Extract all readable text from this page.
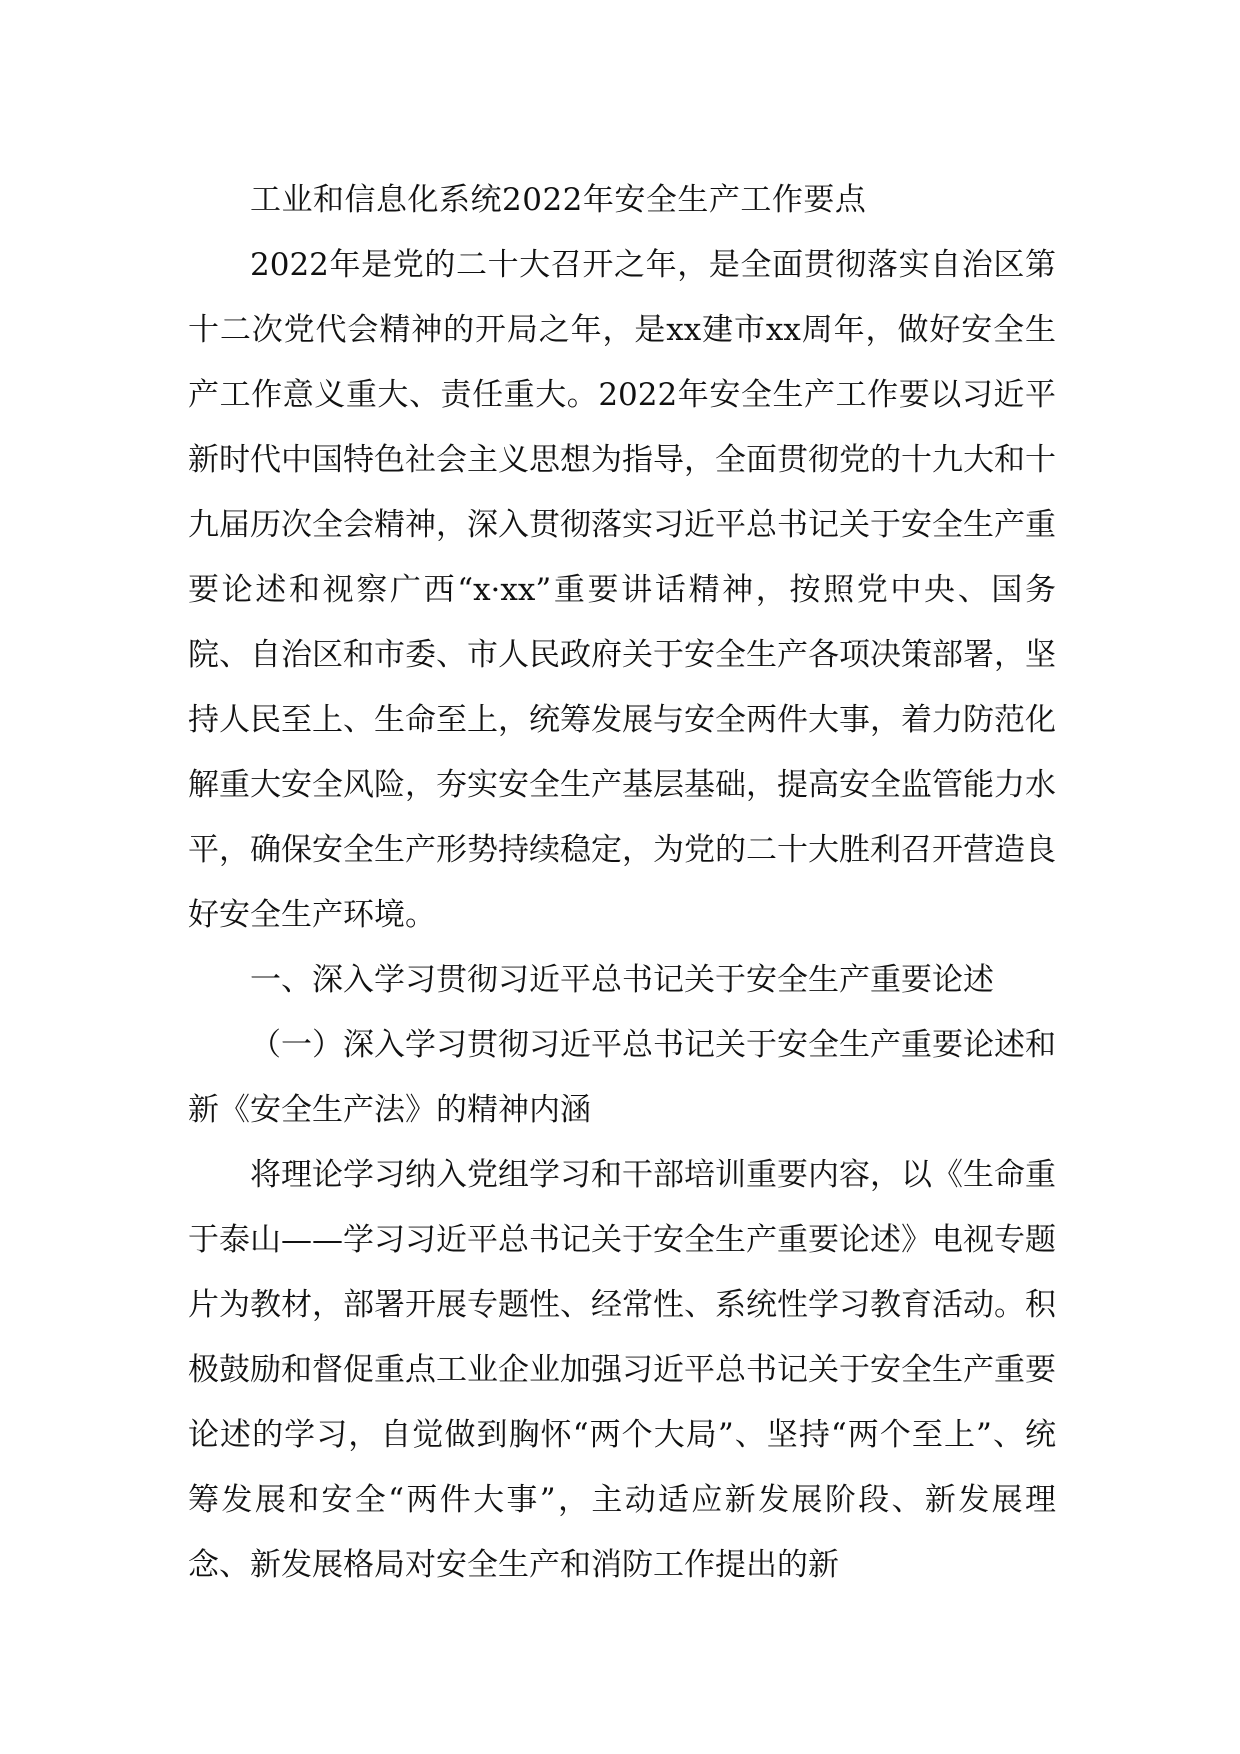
工业和信息化系统2022年安全生产工作要点

2022年是党的二十大召开之年，是全面贯彻落实自治区第十二次党代会精神的开局之年，是xx建市xx周年，做好安全生产工作意义重大、责任重大。2022年安全生产工作要以习近平新时代中国特色社会主义思想为指导，全面贯彻党的十九大和十九届历次全会精神，深入贯彻落实习近平总书记关于安全生产重要论述和视察广西“x·xx”重要讲话精神，按照党中央、国务院、自治区和市委、市人民政府关于安全生产各项决策部署，坚持人民至上、生命至上，统筹发展与安全两件大事，着力防范化解重大安全风险，夯实安全生产基层基础，提高安全监管能力水平，确保安全生产形势持续稳定，为党的二十大胜利召开营造良好安全生产环境。

一、深入学习贯彻习近平总书记关于安全生产重要论述

（一）深入学习贯彻习近平总书记关于安全生产重要论述和新《安全生产法》的精神内涵

将理论学习纳入党组学习和干部培训重要内容，以《生命重于泰山——学习习近平总书记关于安全生产重要论述》电视专题片为教材，部署开展专题性、经常性、系统性学习教育活动。积极鼓励和督促重点工业企业加强习近平总书记关于安全生产重要论述的学习，自觉做到胸怀“两个大局”、坚持“两个至上”、统筹发展和安全“两件大事”，主动适应新发展阶段、新发展理念、新发展格局对安全生产和消防工作提出的新
